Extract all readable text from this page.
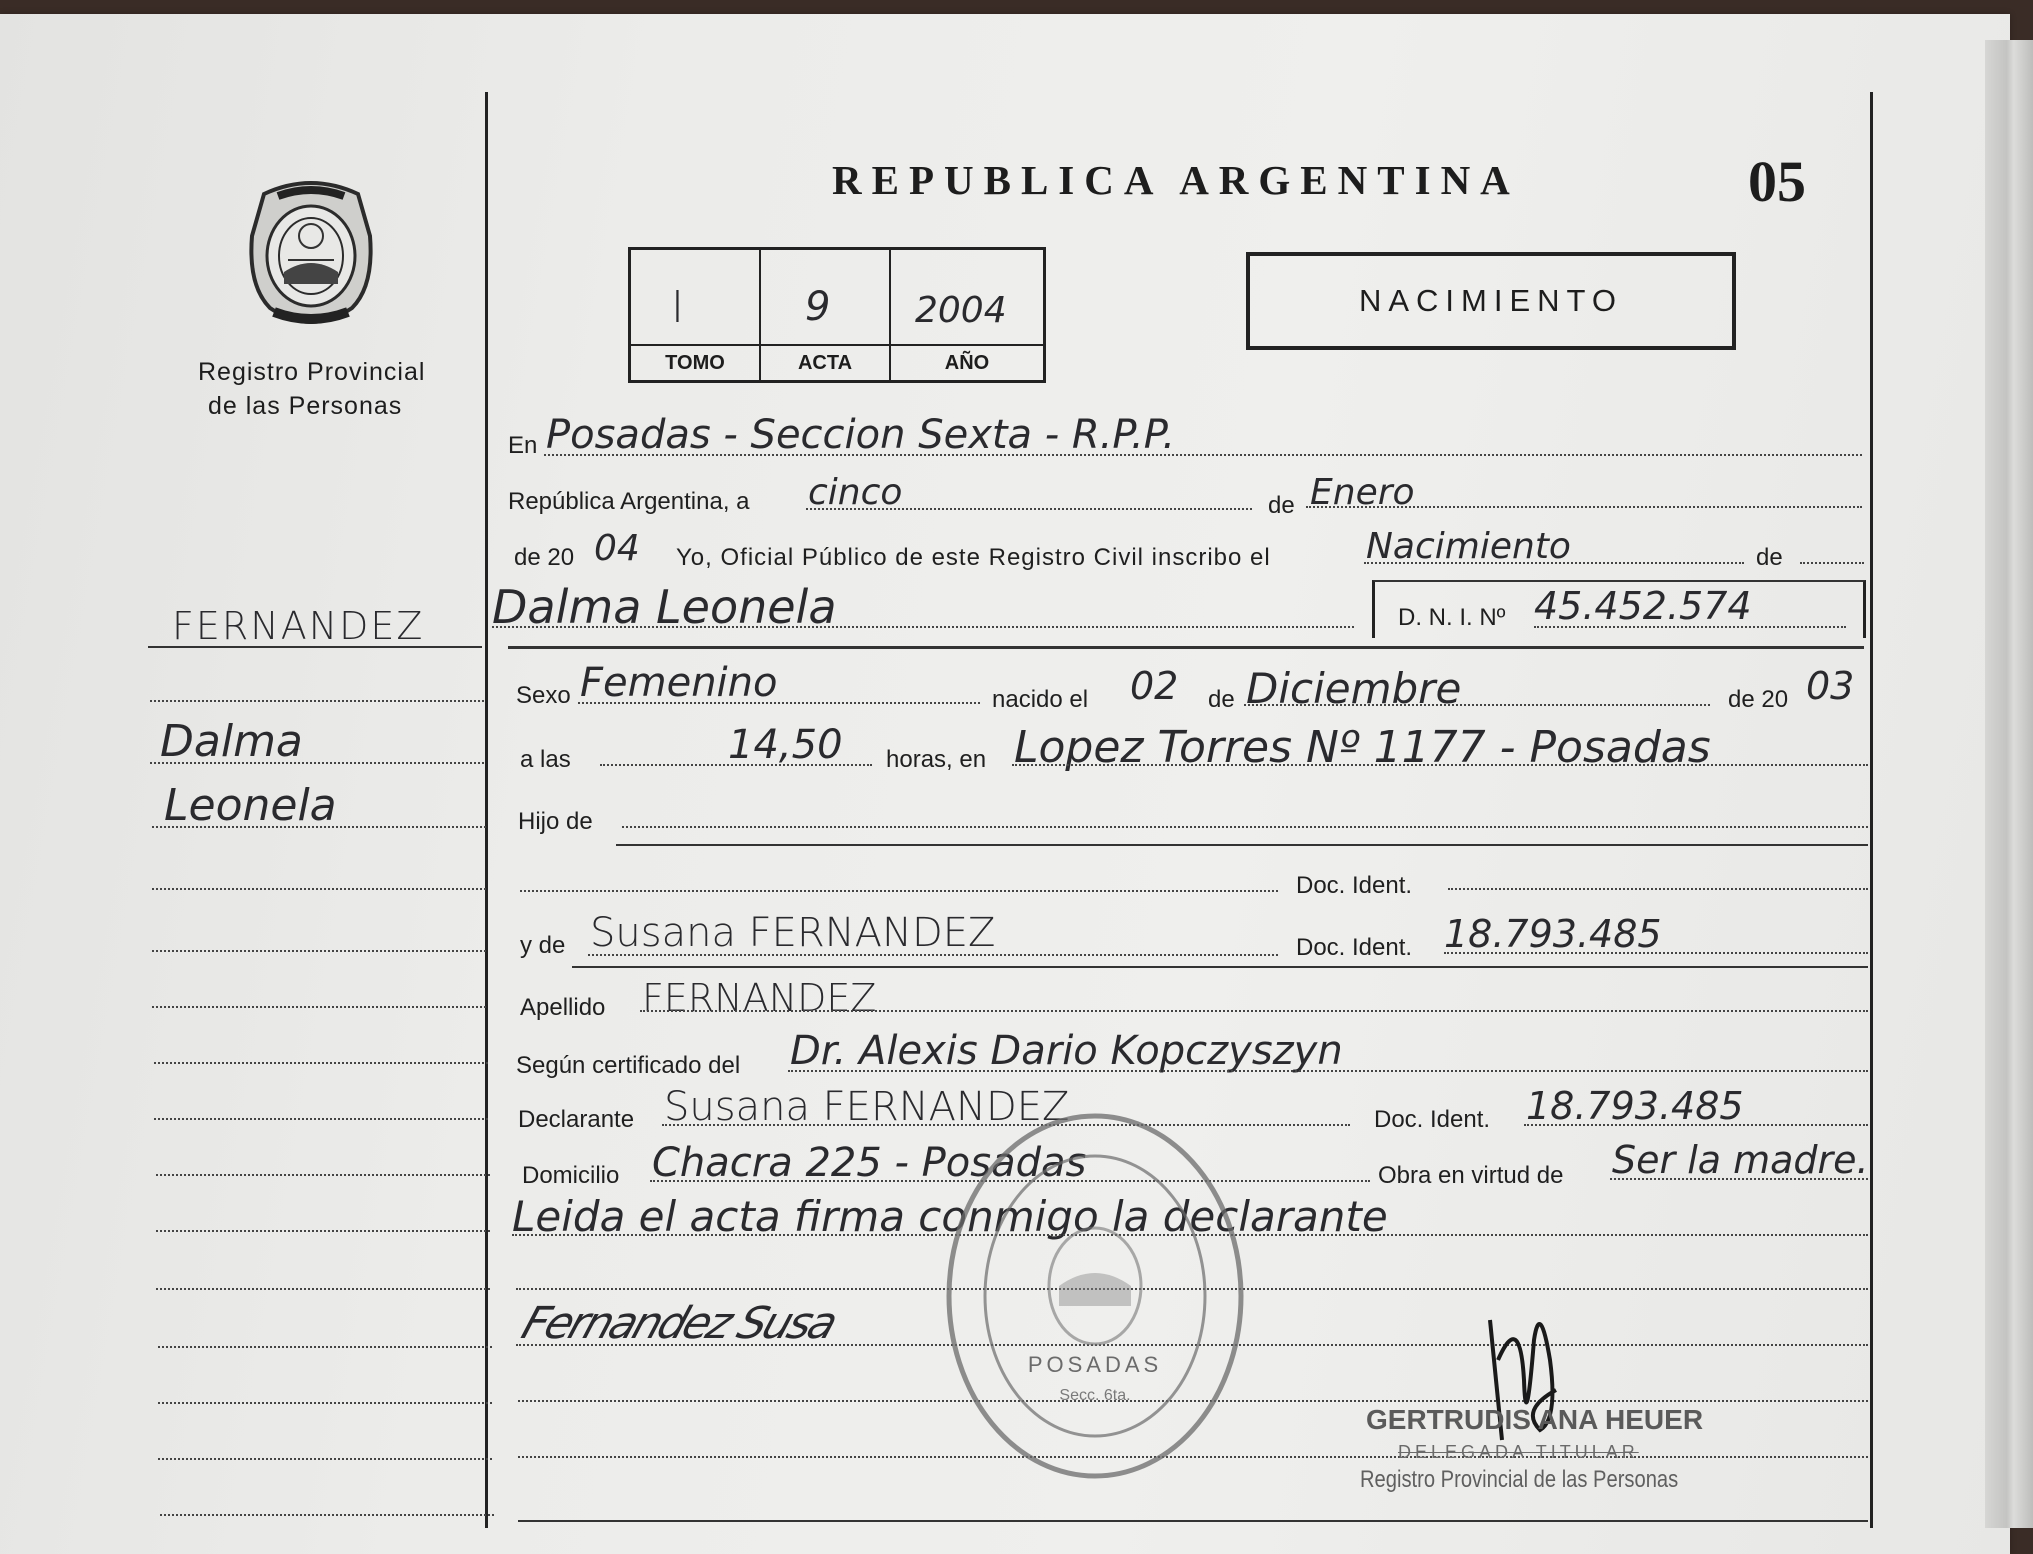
REPUBLICA ARGENTINA	05
Registro Provincial
de las Personas
I	9 2004
TOMO	ACTA	AÑO
NACIMIENTO
FERNANDEZ
Dalma
Leonela
En Posadas - Seccion Sexta - R.P.P.
República Argentina, a cinco	de Enero
de 20 04 Yo, Oficial Público de este Registro Civil inscribo el	Nacimiento	de
Dalma Leonela	D. N. I. Nº 45.452.574
Sexo Femenino	nacido el 02 de Diciembre	de 20 03
a las	14,50 horas, en Lopez Torres Nº 1177 - Posadas
Hijo de
Doc. Ident.
y de Susana FERNANDEZ	Doc. Ident. 18.793.485
Apellido FERNANDEZ
Según certificado del Dr. Alexis Dario Kopczyszyn
Declarante Susana FERNANDEZ	Doc. Ident. 18.793.485
Domicilio Chacra 225 - Posadas	Obra en virtud de Ser la madre.
Leida el acta firma conmigo la declarante
Fernandez Susa
POSADAS
Secc. 6ta.
GERTRUDIS ANA HEUER
DELEGADA TITULAR
Registro Provincial de las Personas
